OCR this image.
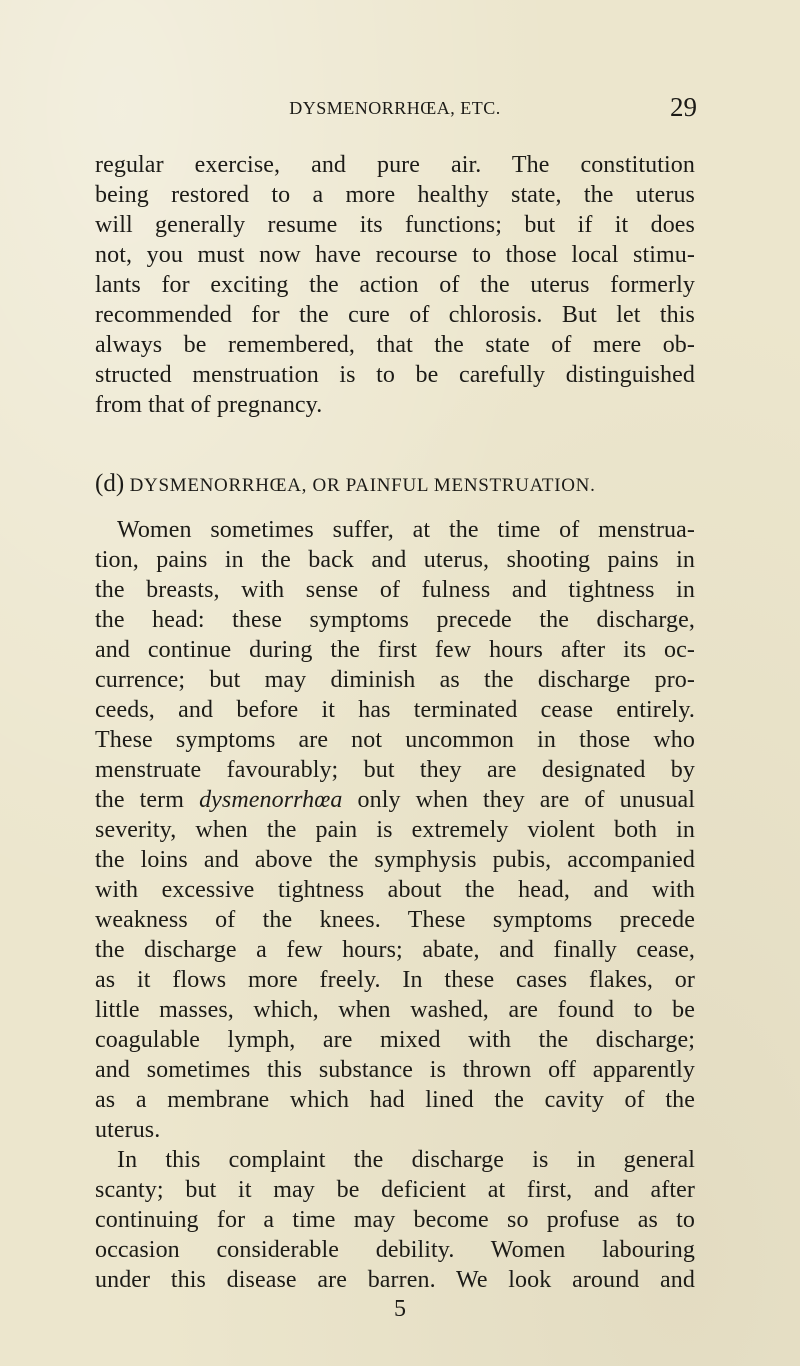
DYSMENORRHŒA, ETC.	29
regular exercise, and pure air. The constitution
being restored to a more healthy state, the uterus
will generally resume its functions; but if it does
not, you must now have recourse to those local stimu-
lants for exciting the action of the uterus formerly
recommended for the cure of chlorosis. But let this
always be remembered, that the state of mere ob-
structed menstruation is to be carefully distinguished
from that of pregnancy.
(d) DYSMENORRHŒA, OR PAINFUL MENSTRUATION.
Women sometimes suffer, at the time of menstrua-
tion, pains in the back and uterus, shooting pains in
the breasts, with sense of fulness and tightness in
the head: these symptoms precede the discharge,
and continue during the first few hours after its oc-
currence; but may diminish as the discharge pro-
ceeds, and before it has terminated cease entirely.
These symptoms are not uncommon in those who
menstruate favourably; but they are designated by
the term dysmenorrhœa only when they are of unusual
severity, when the pain is extremely violent both in
the loins and above the symphysis pubis, accompanied
with excessive tightness about the head, and with
weakness of the knees. These symptoms precede
the discharge a few hours; abate, and finally cease,
as it flows more freely. In these cases flakes, or
little masses, which, when washed, are found to be
coagulable lymph, are mixed with the discharge;
and sometimes this substance is thrown off apparently
as a membrane which had lined the cavity of the
uterus.
In this complaint the discharge is in general
scanty; but it may be deficient at first, and after
continuing for a time may become so profuse as to
occasion considerable debility. Women labouring
under this disease are barren. We look around and
5
